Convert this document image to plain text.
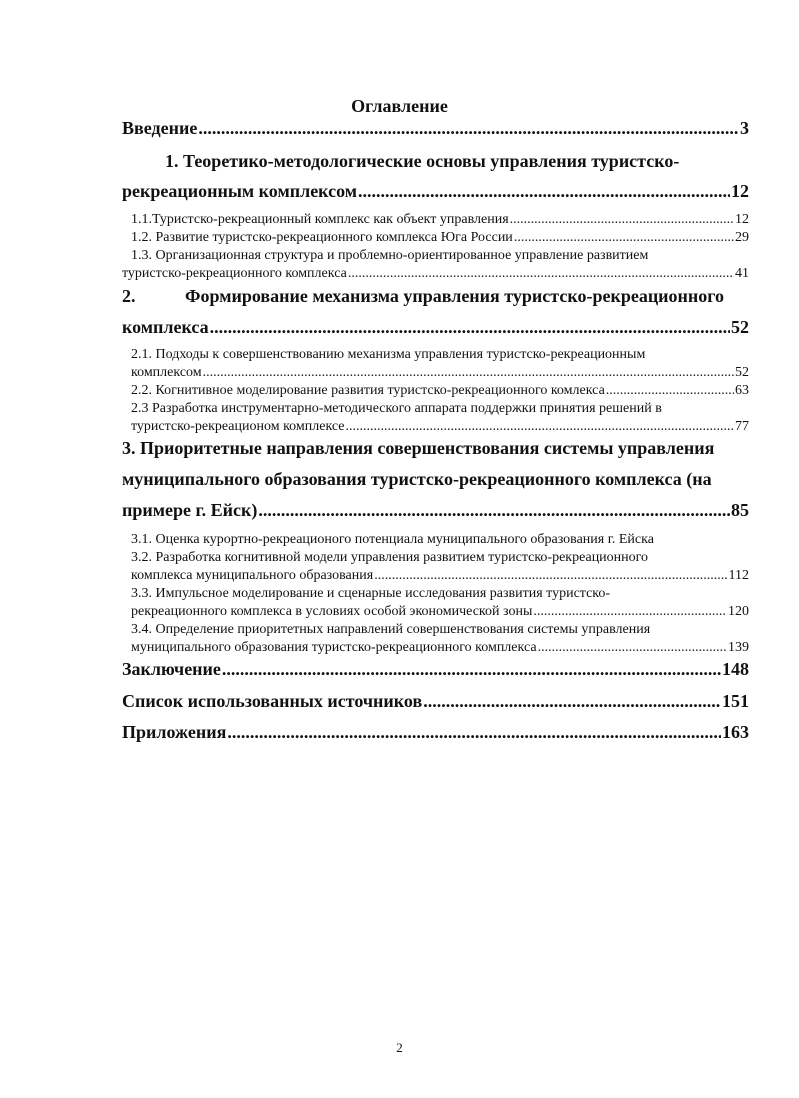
Оглавление
Введение .....	3
1. Теоретико-методологические основы управления туристско-
рекреационным комплексом .....	12
1.1. Туристско-рекреационный комплекс как объект управления .....	12
1.2. Развитие туристско-рекреационного комплекса Юга России .....	29
1.3. Организационная структура и проблемно-ориентированное управление развитием
туристско-рекреационного комплекса .....	41
2.	Формирование механизма управления туристско-рекреационного
комплекса .....	52
2.1. Подходы к совершенствованию механизма управления туристско-рекреационным
комплексом .....	52
2.2. Когнитивное моделирование развития туристско-рекреационного комлекса .....	63
2.3 Разработка инструментарно-методического аппарата поддержки принятия решений в
туристско-рекреационом комплексе .....	77
3. Приоритетные направления совершенствования системы управления
муниципального образования туристско-рекреационного комплекса (на
примере г. Ейск) .....	85
3.1. Оценка курортно-рекреационого потенциала муниципального образования г. Ейска
3.2. Разработка когнитивной модели управления развитием туристско-рекреационного
комплекса муниципального образования .....	112
3.3. Импульсное моделирование и сценарные исследования развития туристско-
рекреационного комплекса в условиях особой экономической зоны .....	120
3.4. Определение приоритетных направлений совершенствования системы управления
муниципального образования туристско-рекреационного комплекса .....	139
Заключение .....	148
Список использованных источников .....	151
Приложения .....	163
2
